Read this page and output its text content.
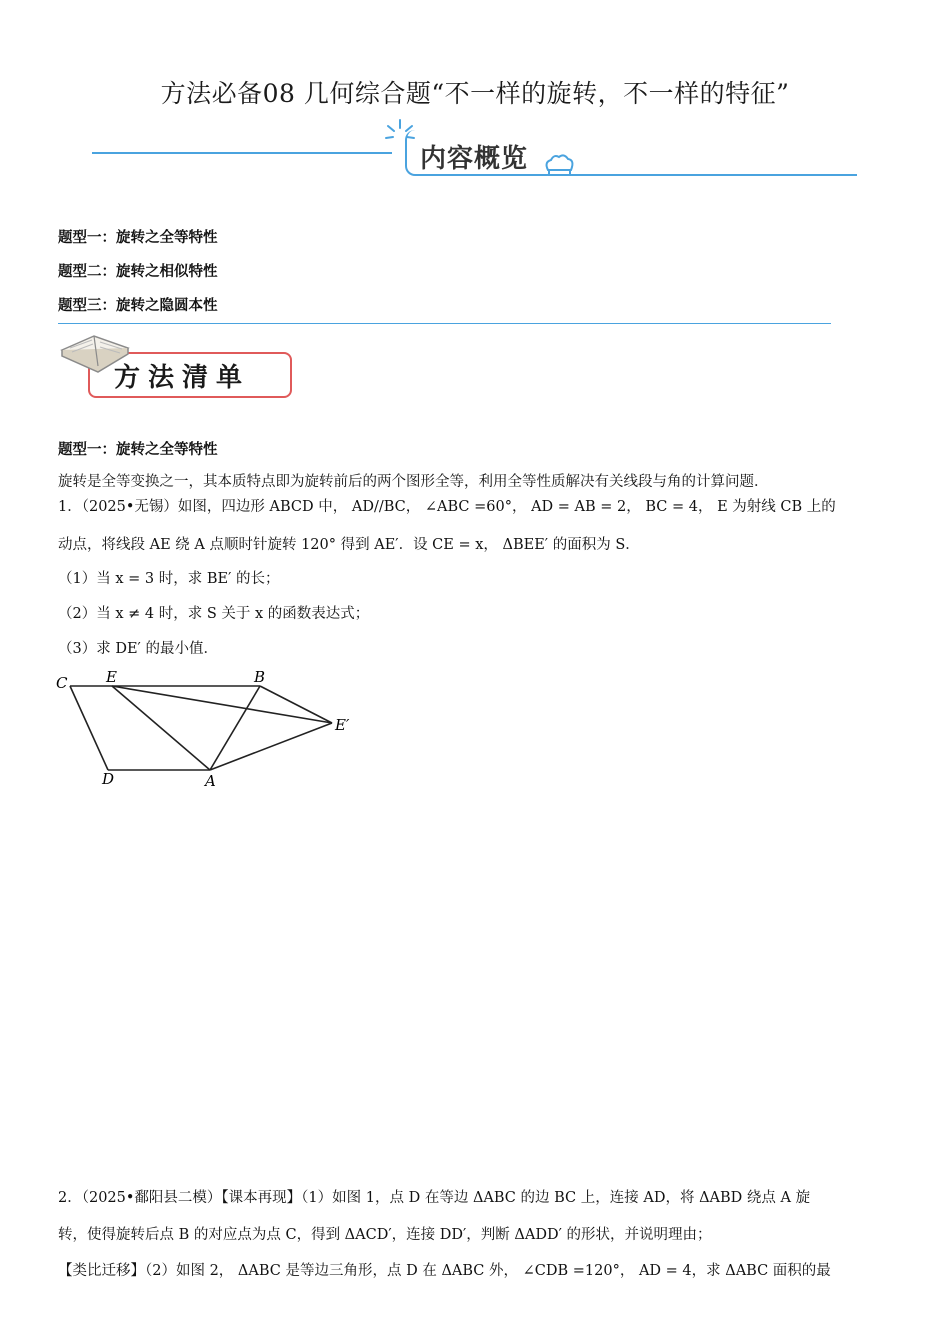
方法必备08 几何综合题“不一样的旋转，不一样的特征”
内容概览
题型一：旋转之全等特性
题型二：旋转之相似特性
题型三：旋转之隐圆本性
方法清单
题型一：旋转之全等特性
旋转是全等变换之一，其本质特点即为旋转前后的两个图形全等，利用全等性质解决有关线段与角的计算问题．
1．（2025•无锡）如图，四边形 ABCD 中， AD//BC， ∠ABC =60°， AD = AB = 2， BC = 4， E 为射线 CB 上的
动点，将线段 AE 绕 A 点顺时针旋转 120° 得到 AE′．设 CE = x， ΔBEE′ 的面积为 S．
（1）当 x = 3 时，求 BE′ 的长；
（2）当 x ≠ 4 时，求 S 关于 x 的函数表达式；
（3）求 DE′ 的最小值．
C	E	B
E′
D	A
2．（2025•鄱阳县二模）【课本再现】（1）如图 1，点 D 在等边 ΔABC 的边 BC 上，连接 AD，将 ΔABD 绕点 A 旋
转，使得旋转后点 B 的对应点为点 C，得到 ΔACD′，连接 DD′，判断 ΔADD′ 的形状，并说明理由；
【类比迁移】（2）如图 2， ΔABC 是等边三角形，点 D 在 ΔABC 外， ∠CDB =120°， AD = 4，求 ΔABC 面积的最
